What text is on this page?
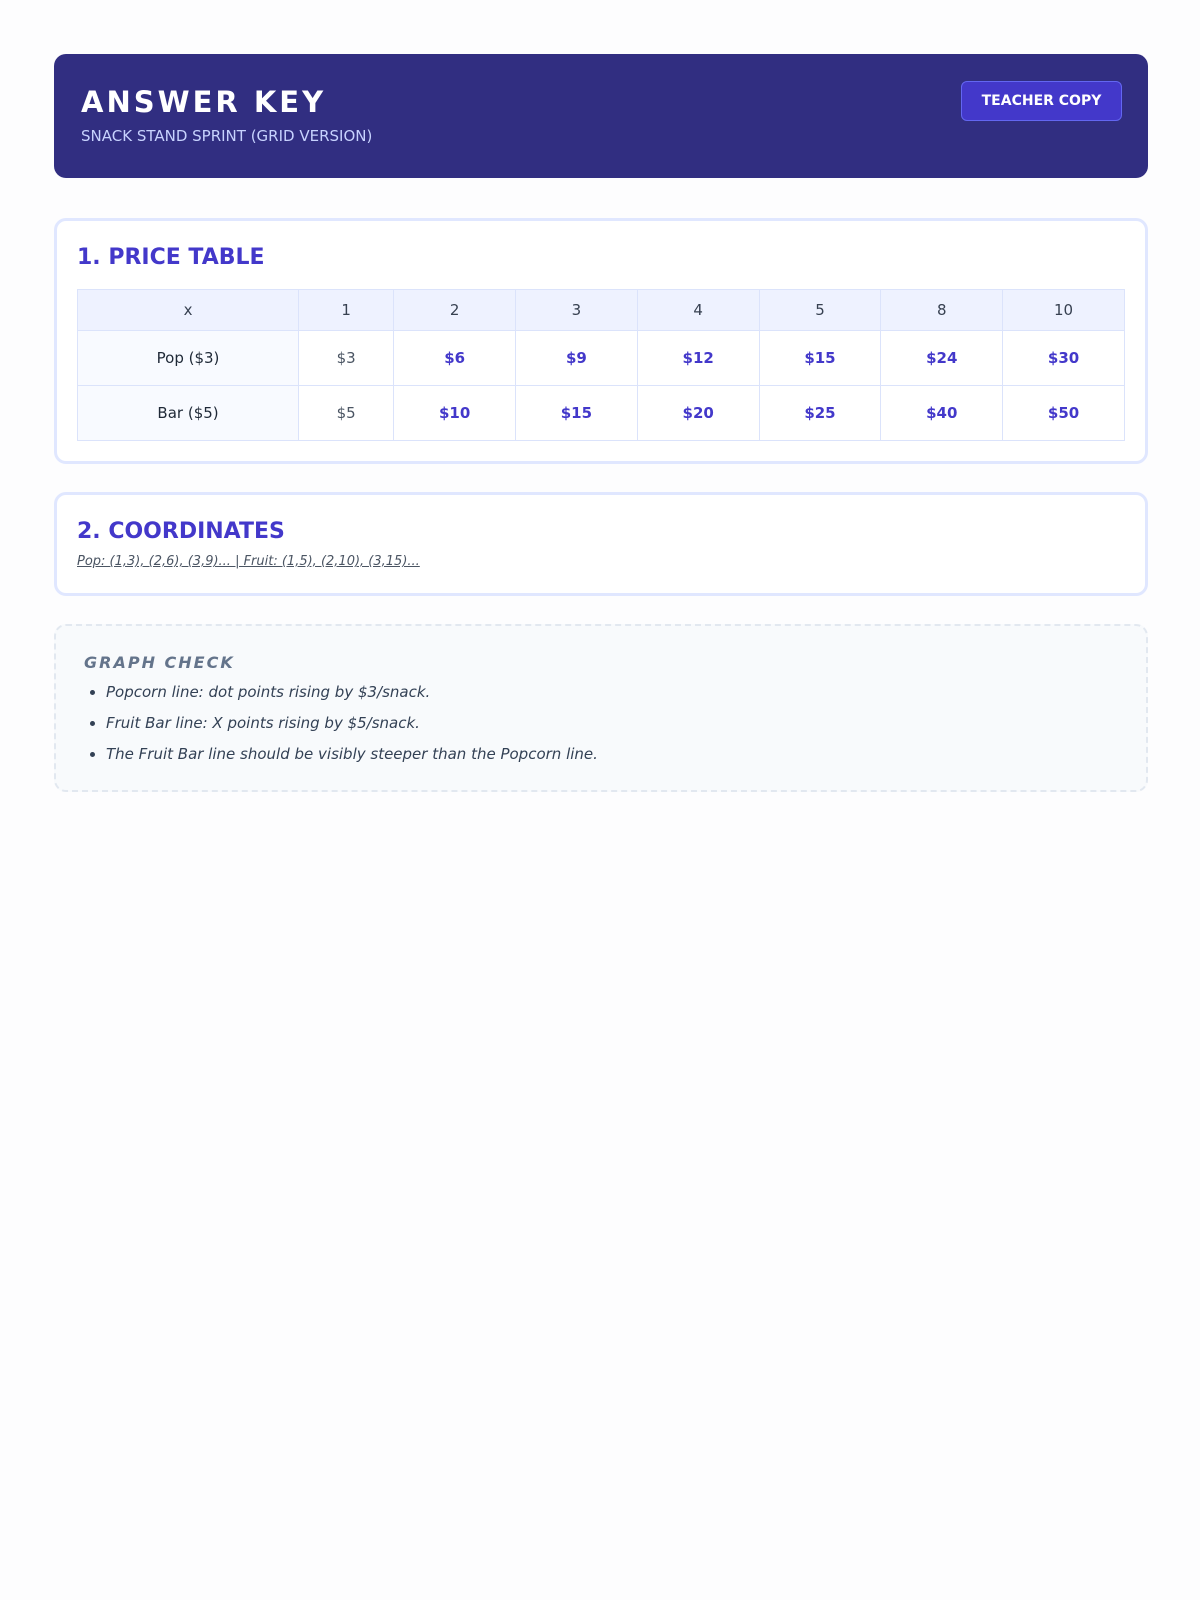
ANSWER KEY
SNACK STAND SPRINT (GRID VERSION)
TEACHER COPY
1. PRICE TABLE
x	1	2	3	4	5	8	10
Pop ($3)	$3	$6	$9	$12	$15	$24	$30
Bar ($5)	$5	$10	$15	$20	$25	$40	$50
2. COORDINATES
Pop: (1,3), (2,6), (3,9)... | Fruit: (1,5), (2,10), (3,15)...
GRAPH CHECK
• Popcorn line: dot points rising by $3/snack.
• Fruit Bar line: X points rising by $5/snack.
• The Fruit Bar line should be visibly steeper than the Popcorn line.
